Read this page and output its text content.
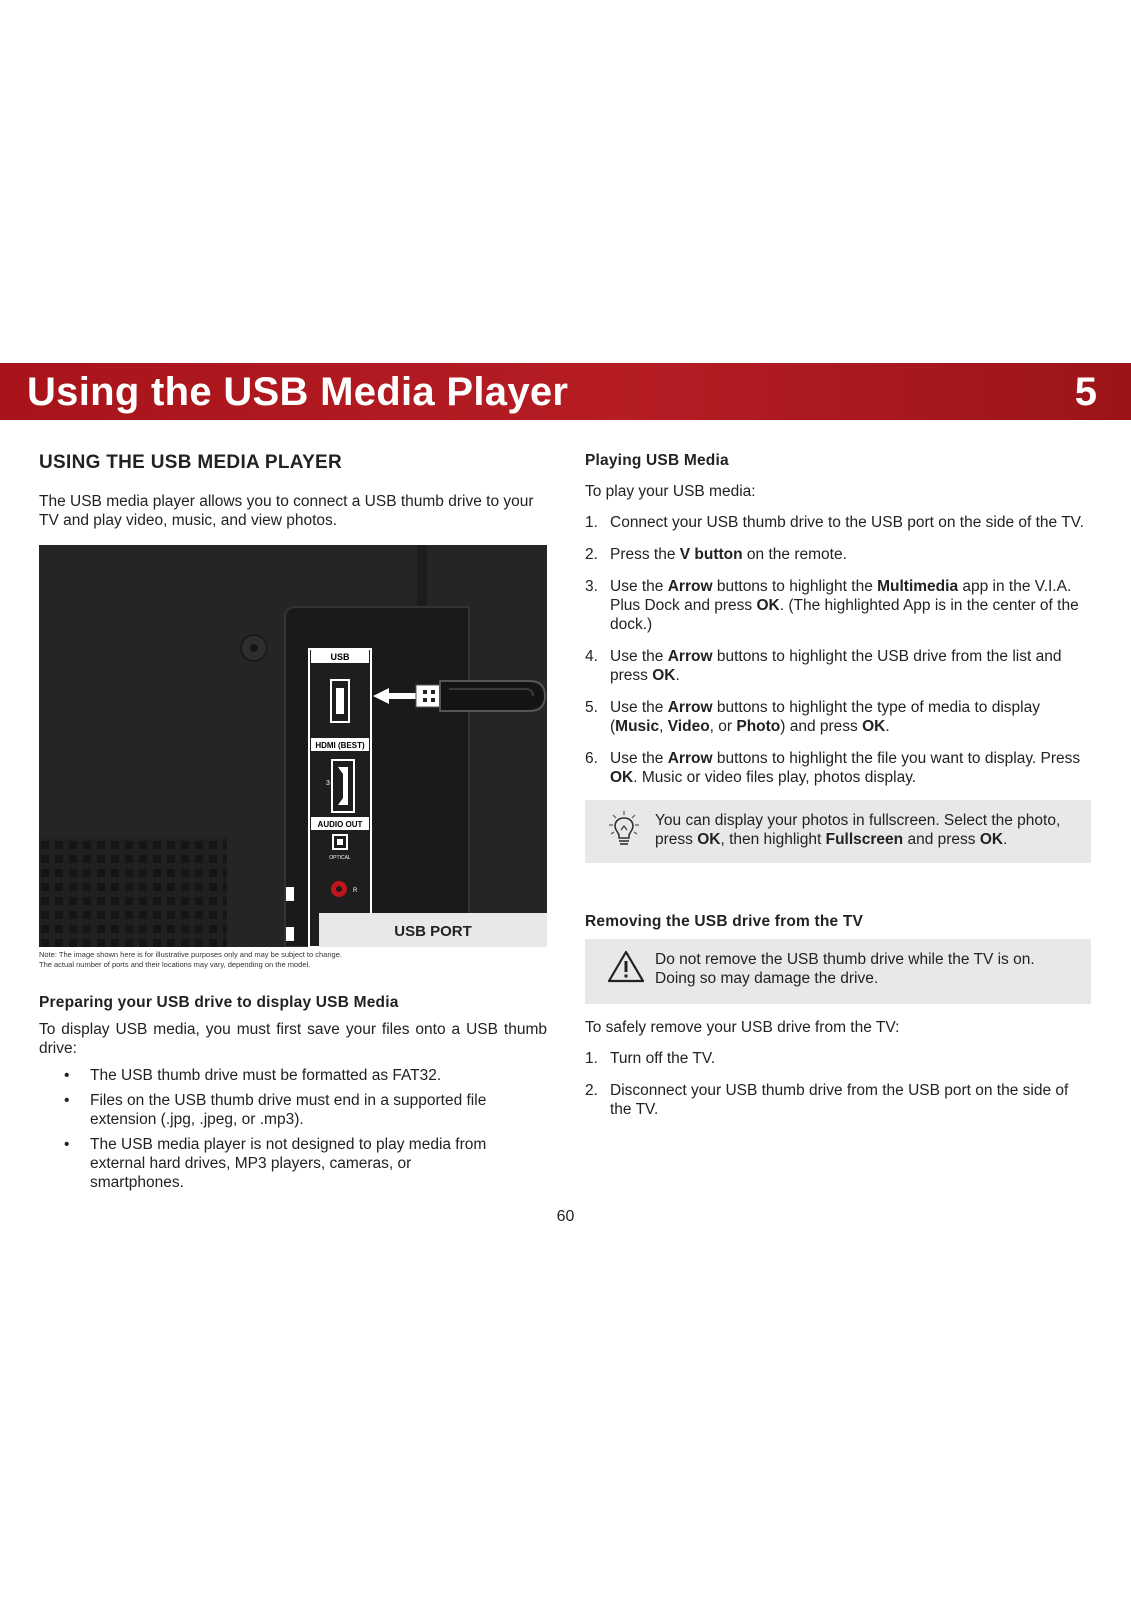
Using the USB Media Player	5
USING THE USB MEDIA PLAYER

The USB media player allows you to connect a USB thumb drive to your TV and play video, music, and view photos.

USB
HDMI (BEST)
3
AUDIO OUT
OPTICAL
R
USB PORT
Note: The image shown here is for illustrative purposes only and may be subject to change.
The actual number of ports and their locations may vary, depending on the model.
Preparing your USB drive to display USB Media

To display USB media, you must first save your files onto a USB thumb drive:

• The USB thumb drive must be formatted as FAT32.
• Files on the USB thumb drive must end in a supported file extension (.jpg, .jpeg, or .mp3).
• The USB media player is not designed to play media from external hard drives, MP3 players, cameras, or smartphones.
Playing USB Media

To play your USB media:

1. Connect your USB thumb drive to the USB port on the side of the TV.
2. Press the V button on the remote.
3. Use the Arrow buttons to highlight the Multimedia app in the V.I.A. Plus Dock and press OK. (The highlighted App is in the center of the dock.)
4. Use the Arrow buttons to highlight the USB drive from the list and press OK.
5. Use the Arrow buttons to highlight the type of media to display (Music, Video, or Photo) and press OK.
6. Use the Arrow buttons to highlight the file you want to display. Press OK. Music or video files play, photos display.
You can display your photos in fullscreen. Select the photo, press OK, then highlight Fullscreen and press OK.
Removing the USB drive from the TV
Do not remove the USB thumb drive while the TV is on. Doing so may damage the drive.

To safely remove your USB drive from the TV:

1. Turn off the TV.
2. Disconnect your USB thumb drive from the USB port on the side of the TV.
60
